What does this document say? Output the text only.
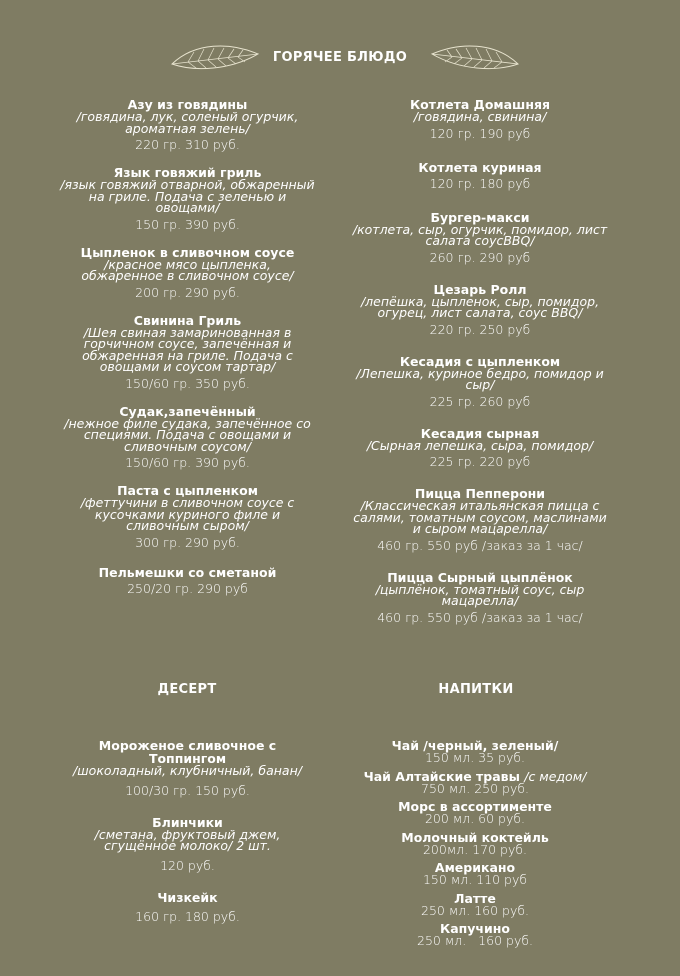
ГОРЯЧЕЕ БЛЮДО
Азу из говядины
/говядина, лук, соленый огурчик, ароматная зелень/
220 гр. 310 руб.
Язык говяжий гриль
/язык говяжий отварной, обжаренный на гриле. Подача с зеленью и овощами/
150 гр. 390 руб.
Цыпленок в сливочном соусе
/красное мясо цыпленка, обжаренное в сливочном соусе/
200 гр. 290 руб.
Свинина Гриль
/Шея свиная замаринованная в горчичном соусе, запечённая и обжаренная на гриле. Подача с овощами и соусом тартар/
150/60 гр. 350 руб.
Судак,запечённый
/нежное филе судака, запечённое со специями. Подача с овощами и сливочным соусом/
150/60 гр. 390 руб.
Паста с цыпленком
/феттучини в сливочном соусе с кусочками куриного филе и сливочным сыром/
300 гр. 290 руб.
Пельмешки со сметаной
250/20 гр. 290 руб
Котлета Домашняя
/говядина, свинина/
120 гр. 190 руб
Котлета куриная
120 гр. 180 руб
Бургер-макси
/котлета, сыр, огурчик, помидор, лист салата соусBBQ/
260 гр. 290 руб
Цезарь Ролл
/лепёшка, цыпленок, сыр, помидор, огурец, лист салата, соус BBQ/
220 гр. 250 руб
Кесадия с цыпленком
/Лепешка, куриное бедро, помидор и сыр/
225 гр. 260 руб
Кесадия сырная
/Сырная лепешка, сыра, помидор/
225 гр. 220 руб
Пицца Пепперони
/Классическая итальянская пицца с салями, томатным соусом, маслинами и сыром мацарелла/
460 гр. 550 руб /заказ за 1 час/
Пицца Сырный цыплёнок
/цыплёнок, томатный соус, сыр мацарелла/
460 гр. 550 руб /заказ за 1 час/
ДЕСЕРТ
Мороженое сливочное с Топпингом
/шоколадный, клубничный, банан/
100/30 гр. 150 руб.
Блинчики
/сметана, фруктовый джем, сгущённое молоко/ 2 шт.
120 руб.
Чизкейк
160 гр. 180 руб.
НАПИТКИ
Чай /черный, зеленый/
150 мл. 35 руб.
Чай Алтайские травы /с медом/
750 мл. 250 руб.
Морс в ассортименте
200 мл. 60 руб.
Молочный коктейль
200мл. 170 руб.
Американо
150 мл. 110 руб
Латте
250 мл. 160 руб.
Капучино
250 мл.   160 руб.
